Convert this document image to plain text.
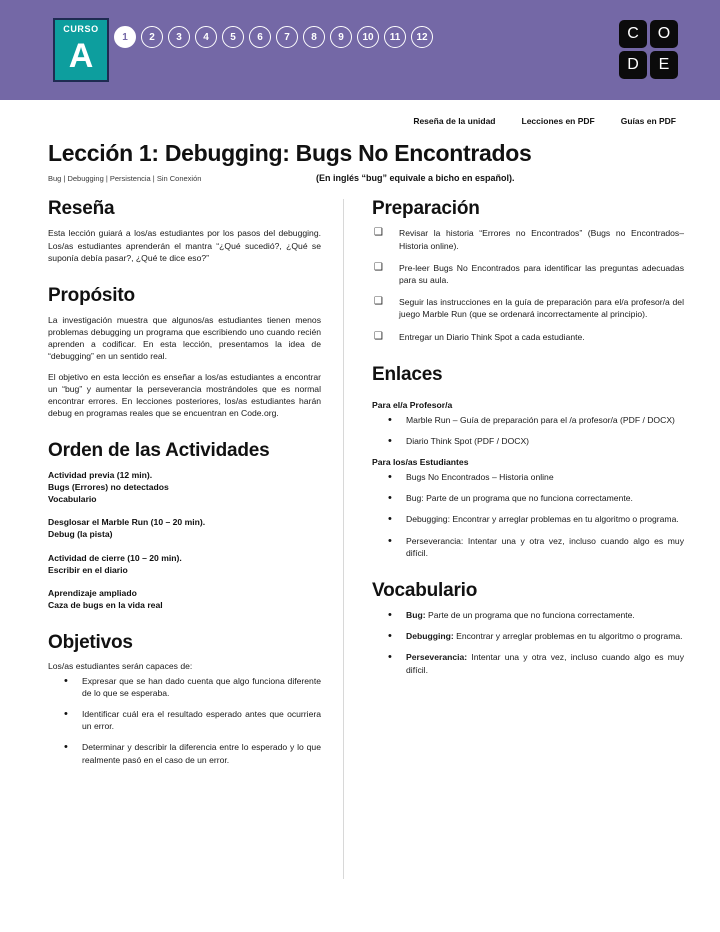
CURSO
A	1	2	3	4	5	6	7	8	9	10	11	12	C	O
D	E
Reseña de la unidad	Lecciones en PDF	Guías en PDF
Lección 1: Debugging: Bugs No Encontrados
Bug | Debugging | Persistencia | Sin Conexión	(En inglés “bug” equivale a bicho en español).
Reseña

Esta lección guiará a los/as estudiantes por los pasos del debugging. Los/as estudiantes aprenderán el mantra “¿Qué sucedió?, ¿Qué se suponía debía pasar?, ¿Qué te dice eso?”

Propósito

La investigación muestra que algunos/as estudiantes tienen menos problemas debugging un programa que escribiendo uno cuando recién aprenden a codificar. En esta lección, presentamos la idea de “debugging” en un sentido real.

El objetivo en esta lección es enseñar a los/as estudiantes a encontrar un “bug” y aumentar la perseverancia mostrándoles que es normal encontrar errores. En lecciones posteriores, los/as estudiantes harán debug en programas reales que se encuentran en Code.org.

Orden de las Actividades
Actividad previa (12 min).
Bugs (Errores) no detectados
Vocabulario
Desglosar el Marble Run (10 – 20 min).
Debug (la pista)
Actividad de cierre (10 – 20 min).
Escribir en el diario
Aprendizaje ampliado
Caza de bugs en la vida real
Objetivos

Los/as estudiantes serán capaces de:

• Expresar que se han dado cuenta que algo funciona diferente de lo que se esperaba.
• Identificar cuál era el resultado esperado antes que ocurriera un error.
• Determinar y describir la diferencia entre lo esperado y lo que realmente pasó en el caso de un error.
Preparación
❑ Revisar la historia “Errores no Encontrados” (Bugs no Encontrados– Historia online).
❑ Pre-leer Bugs No Encontrados para identificar las preguntas adecuadas para su aula.
❑ Seguir las instrucciones en la guía de preparación para el/a profesor/a del juego Marble Run (que se ordenará incorrectamente al principio).
❑ Entregar un Diario Think Spot a cada estudiante.
Enlaces
Para el/a Profesor/a
• Marble Run – Guía de preparación para el /a profesor/a (PDF / DOCX)
• Diario Think Spot (PDF / DOCX)
Para los/as Estudiantes
• Bugs No Encontrados – Historia online
• Bug: Parte de un programa que no funciona correctamente.
• Debugging: Encontrar y arreglar problemas en tu algoritmo o programa.
• Perseverancia: Intentar una y otra vez, incluso cuando algo es muy difícil.
Vocabulario
• Bug: Parte de un programa que no funciona correctamente.
• Debugging: Encontrar y arreglar problemas en tu algoritmo o programa.
• Perseverancia: Intentar una y otra vez, incluso cuando algo es muy difícil.
